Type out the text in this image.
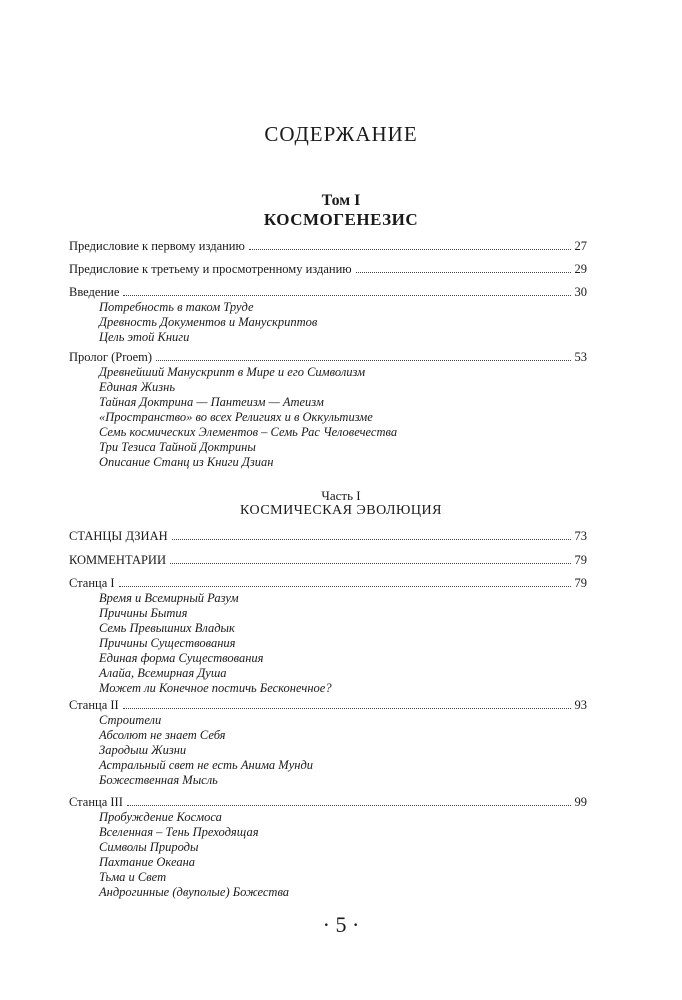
СОДЕРЖАНИЕ
Том I
КОСМОГЕНЕЗИС
Предисловие к первому изданию	27
Предисловие к третьему и просмотренному изданию	29
Введение	30
Потребность в таком Труде
Древность Документов и Манускриптов
Цель этой Книги
Пролог (Proem)	53
Древнейший Манускрипт в Мире и его Символизм
Единая Жизнь
Тайная Доктрина — Пантеизм — Атеизм
«Пространство» во всех Религиях и в Оккультизме
Семь космических Элементов – Семь Рас Человечества
Три Тезиса Тайной Доктрины
Описание Станц из Книги Дзиан
Часть I
КОСМИЧЕСКАЯ ЭВОЛЮЦИЯ
СТАНЦЫ ДЗИАН	73
КОММЕНТАРИИ	79
Станца I	79
Время и Всемирный Разум
Причины Бытия
Семь Превышних Владык
Причины Существования
Единая форма Существования
Алайа, Всемирная Душа
Может ли Конечное постичь Бесконечное?
Станца II	93
Строители
Абсолют не знает Себя
Зародыш Жизни
Астральный свет не есть Анима Мунди
Божественная Мысль
Станца III	99
Пробуждение Космоса
Вселенная – Тень Преходящая
Символы Природы
Пахтание Океана
Тьма и Свет
Андрогинные (двуполые) Божества
· 5 ·
